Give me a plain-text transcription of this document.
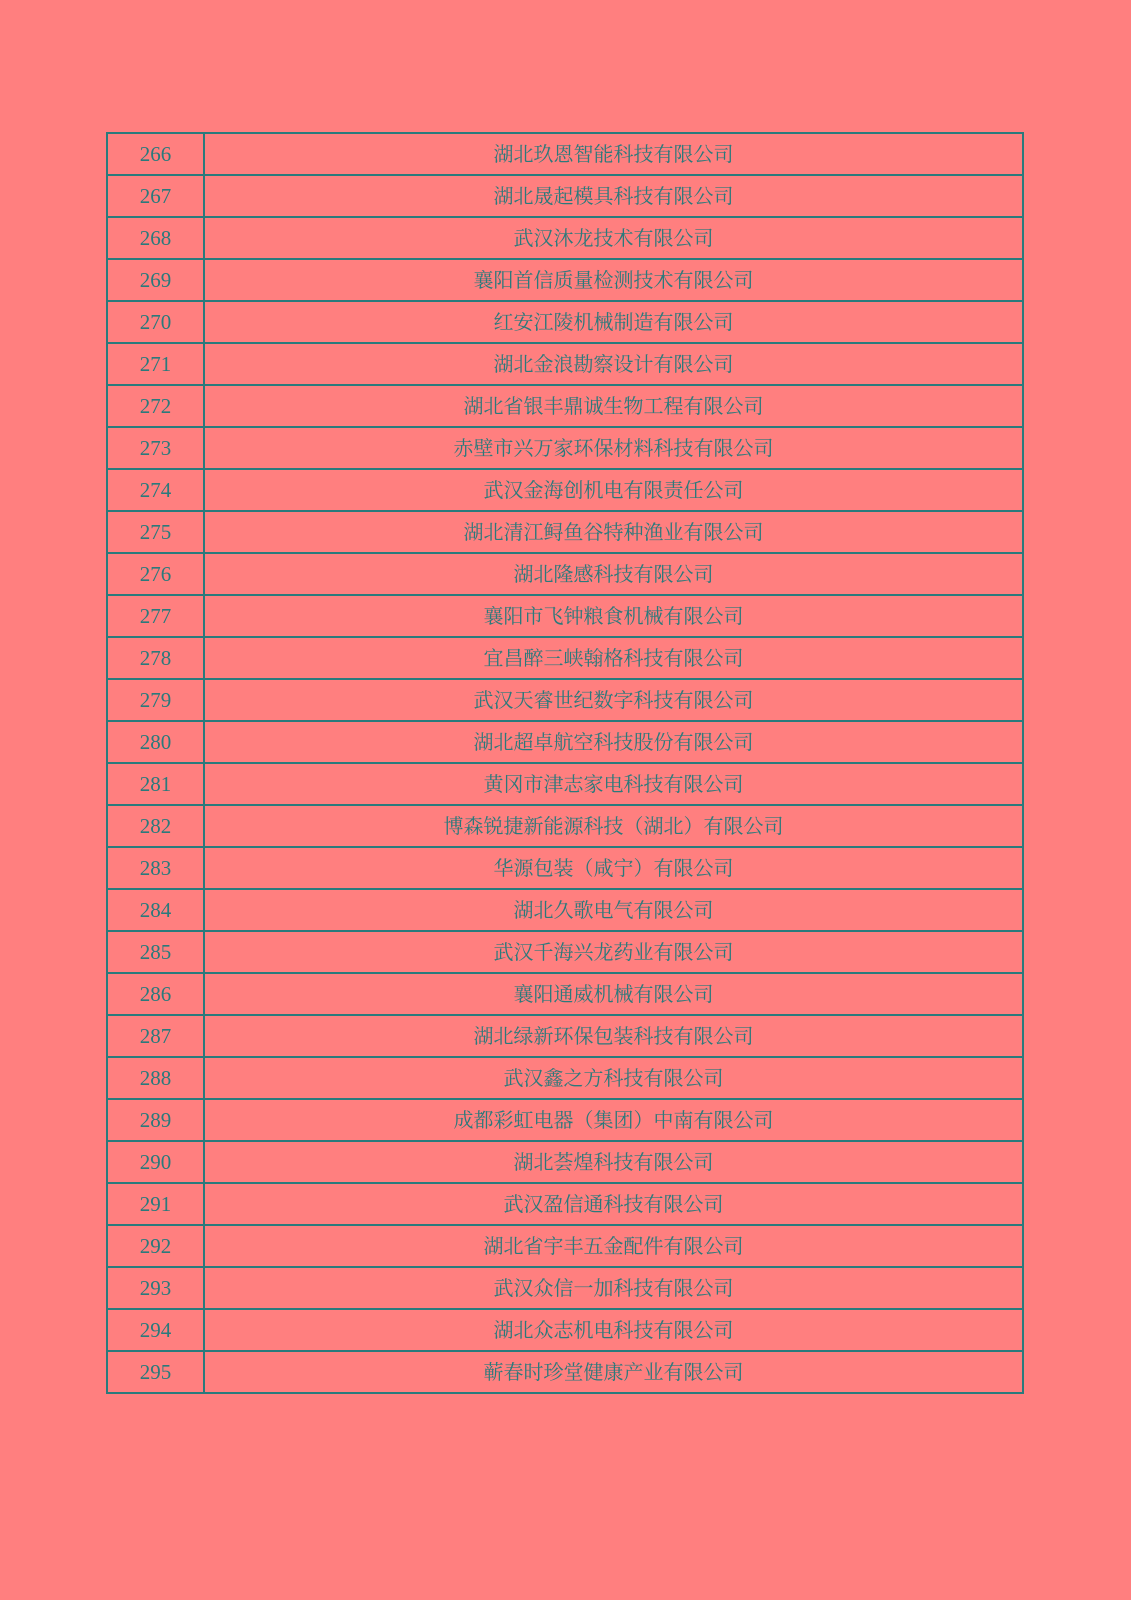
266	湖北玖恩智能科技有限公司
267	湖北晟起模具科技有限公司
268	武汉沐龙技术有限公司
269	襄阳首信质量检测技术有限公司
270	红安江陵机械制造有限公司
271	湖北金浪勘察设计有限公司
272	湖北省银丰鼎诚生物工程有限公司
273	赤壁市兴万家环保材料科技有限公司
274	武汉金海创机电有限责任公司
275	湖北清江鲟鱼谷特种渔业有限公司
276	湖北隆感科技有限公司
277	襄阳市飞钟粮食机械有限公司
278	宜昌醉三峡翰格科技有限公司
279	武汉天睿世纪数字科技有限公司
280	湖北超卓航空科技股份有限公司
281	黄冈市津志家电科技有限公司
282	博森锐捷新能源科技（湖北）有限公司
283	华源包装（咸宁）有限公司
284	湖北久歌电气有限公司
285	武汉千海兴龙药业有限公司
286	襄阳通威机械有限公司
287	湖北绿新环保包装科技有限公司
288	武汉鑫之方科技有限公司
289	成都彩虹电器（集团）中南有限公司
290	湖北荟煌科技有限公司
291	武汉盈信通科技有限公司
292	湖北省宇丰五金配件有限公司
293	武汉众信一加科技有限公司
294	湖北众志机电科技有限公司
295	蕲春时珍堂健康产业有限公司
